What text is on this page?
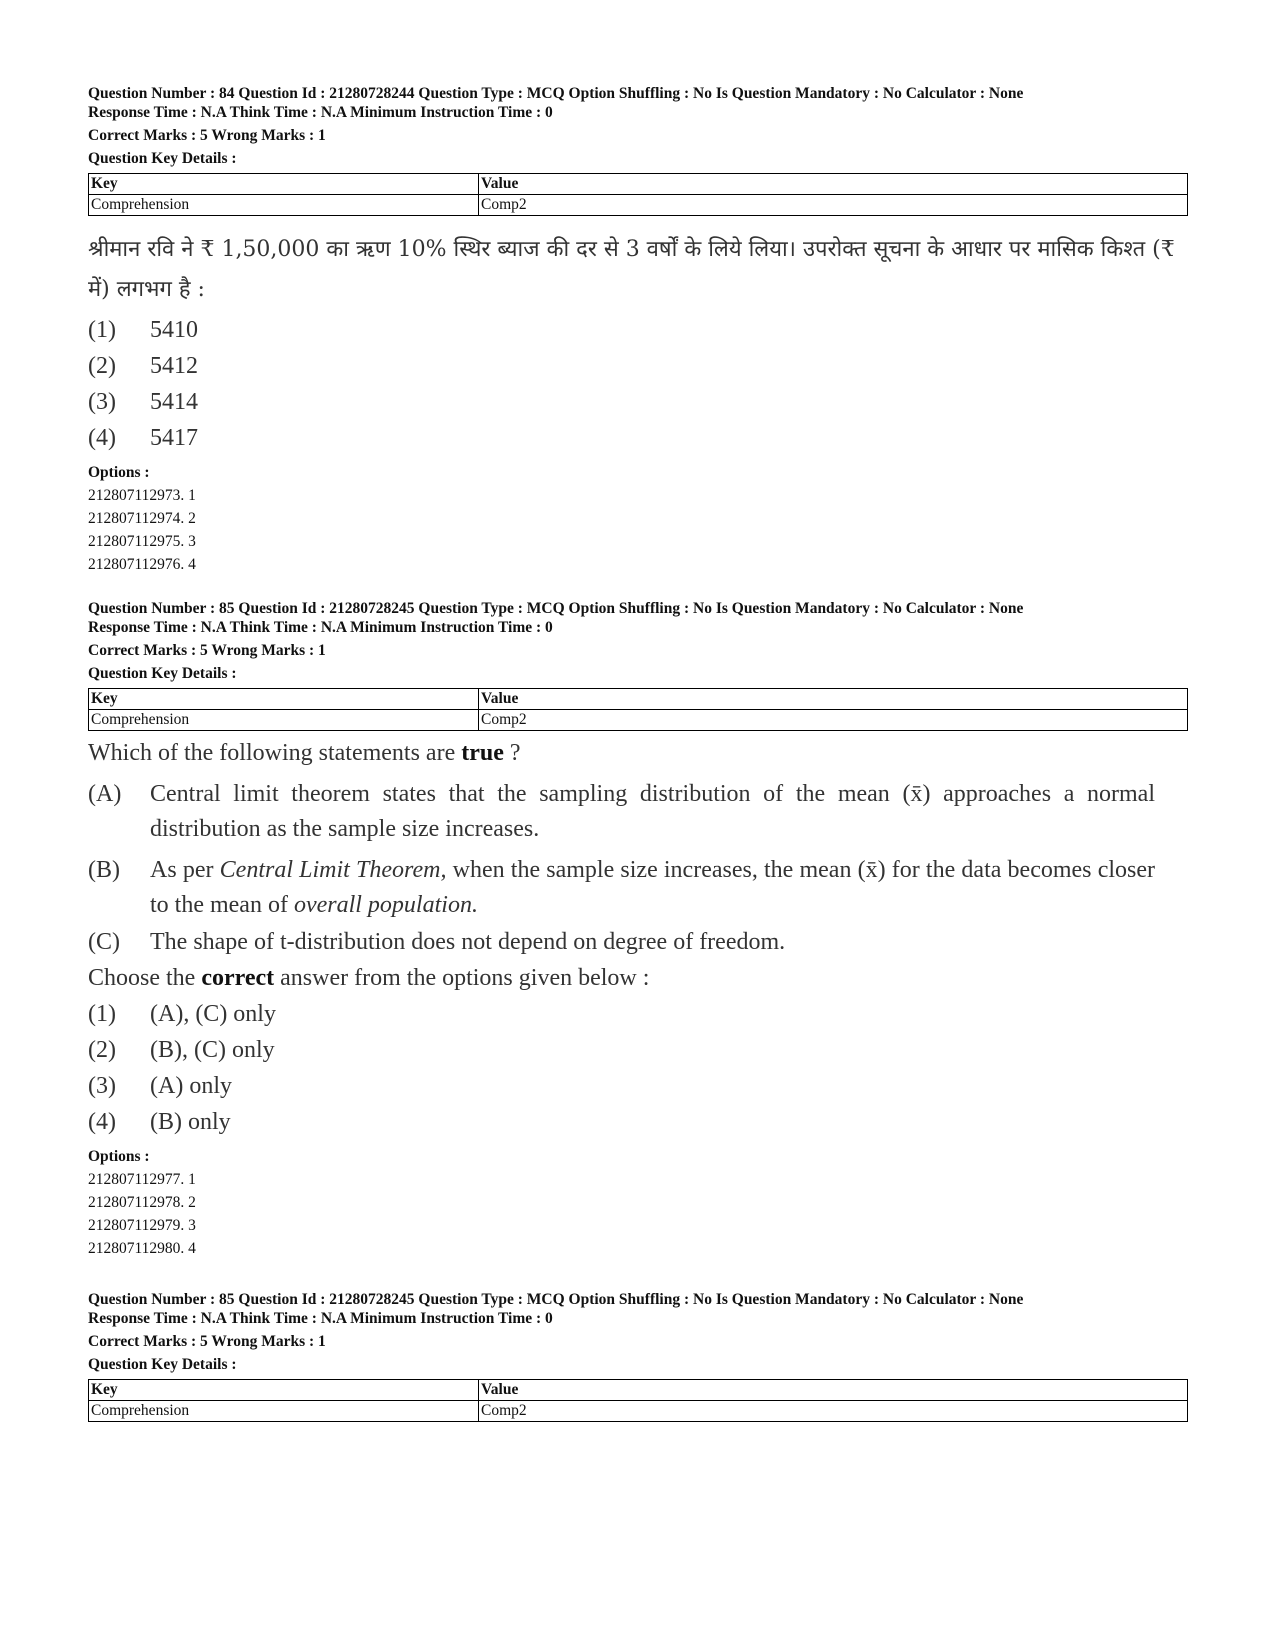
Question Number : 84 Question Id : 21280728244 Question Type : MCQ Option Shuffling : No Is Question Mandatory : No Calculator : None
Response Time : N.A Think Time : N.A Minimum Instruction Time : 0
Correct Marks : 5 Wrong Marks : 1
Question Key Details :
Key	Value
Comprehension	Comp2
श्रीमान रवि ने ₹ 1,50,000 का ऋण 10% स्थिर ब्याज की दर से 3 वर्षों के लिये लिया। उपरोक्त सूचना के आधार पर मासिक किश्त (₹ में) लगभग है :
(1)	5410
(2)	5412
(3)	5414
(4)	5417
Options :
212807112973. 1
212807112974. 2
212807112975. 3
212807112976. 4
Question Number : 85 Question Id : 21280728245 Question Type : MCQ Option Shuffling : No Is Question Mandatory : No Calculator : None
Response Time : N.A Think Time : N.A Minimum Instruction Time : 0
Correct Marks : 5 Wrong Marks : 1
Question Key Details :
Key	Value
Comprehension	Comp2
Which of the following statements are true ?
(A)	Central limit theorem states that the sampling distribution of the mean (x̄) approaches a normal distribution as the sample size increases.
(B)	As per Central Limit Theorem, when the sample size increases, the mean (x̄) for the data becomes closer to the mean of overall population.
(C)	The shape of t-distribution does not depend on degree of freedom.
Choose the correct answer from the options given below :
(1)	(A), (C) only
(2)	(B), (C) only
(3)	(A) only
(4)	(B) only
Options :
212807112977. 1
212807112978. 2
212807112979. 3
212807112980. 4
Question Number : 85 Question Id : 21280728245 Question Type : MCQ Option Shuffling : No Is Question Mandatory : No Calculator : None
Response Time : N.A Think Time : N.A Minimum Instruction Time : 0
Correct Marks : 5 Wrong Marks : 1
Question Key Details :
Key	Value
Comprehension	Comp2
